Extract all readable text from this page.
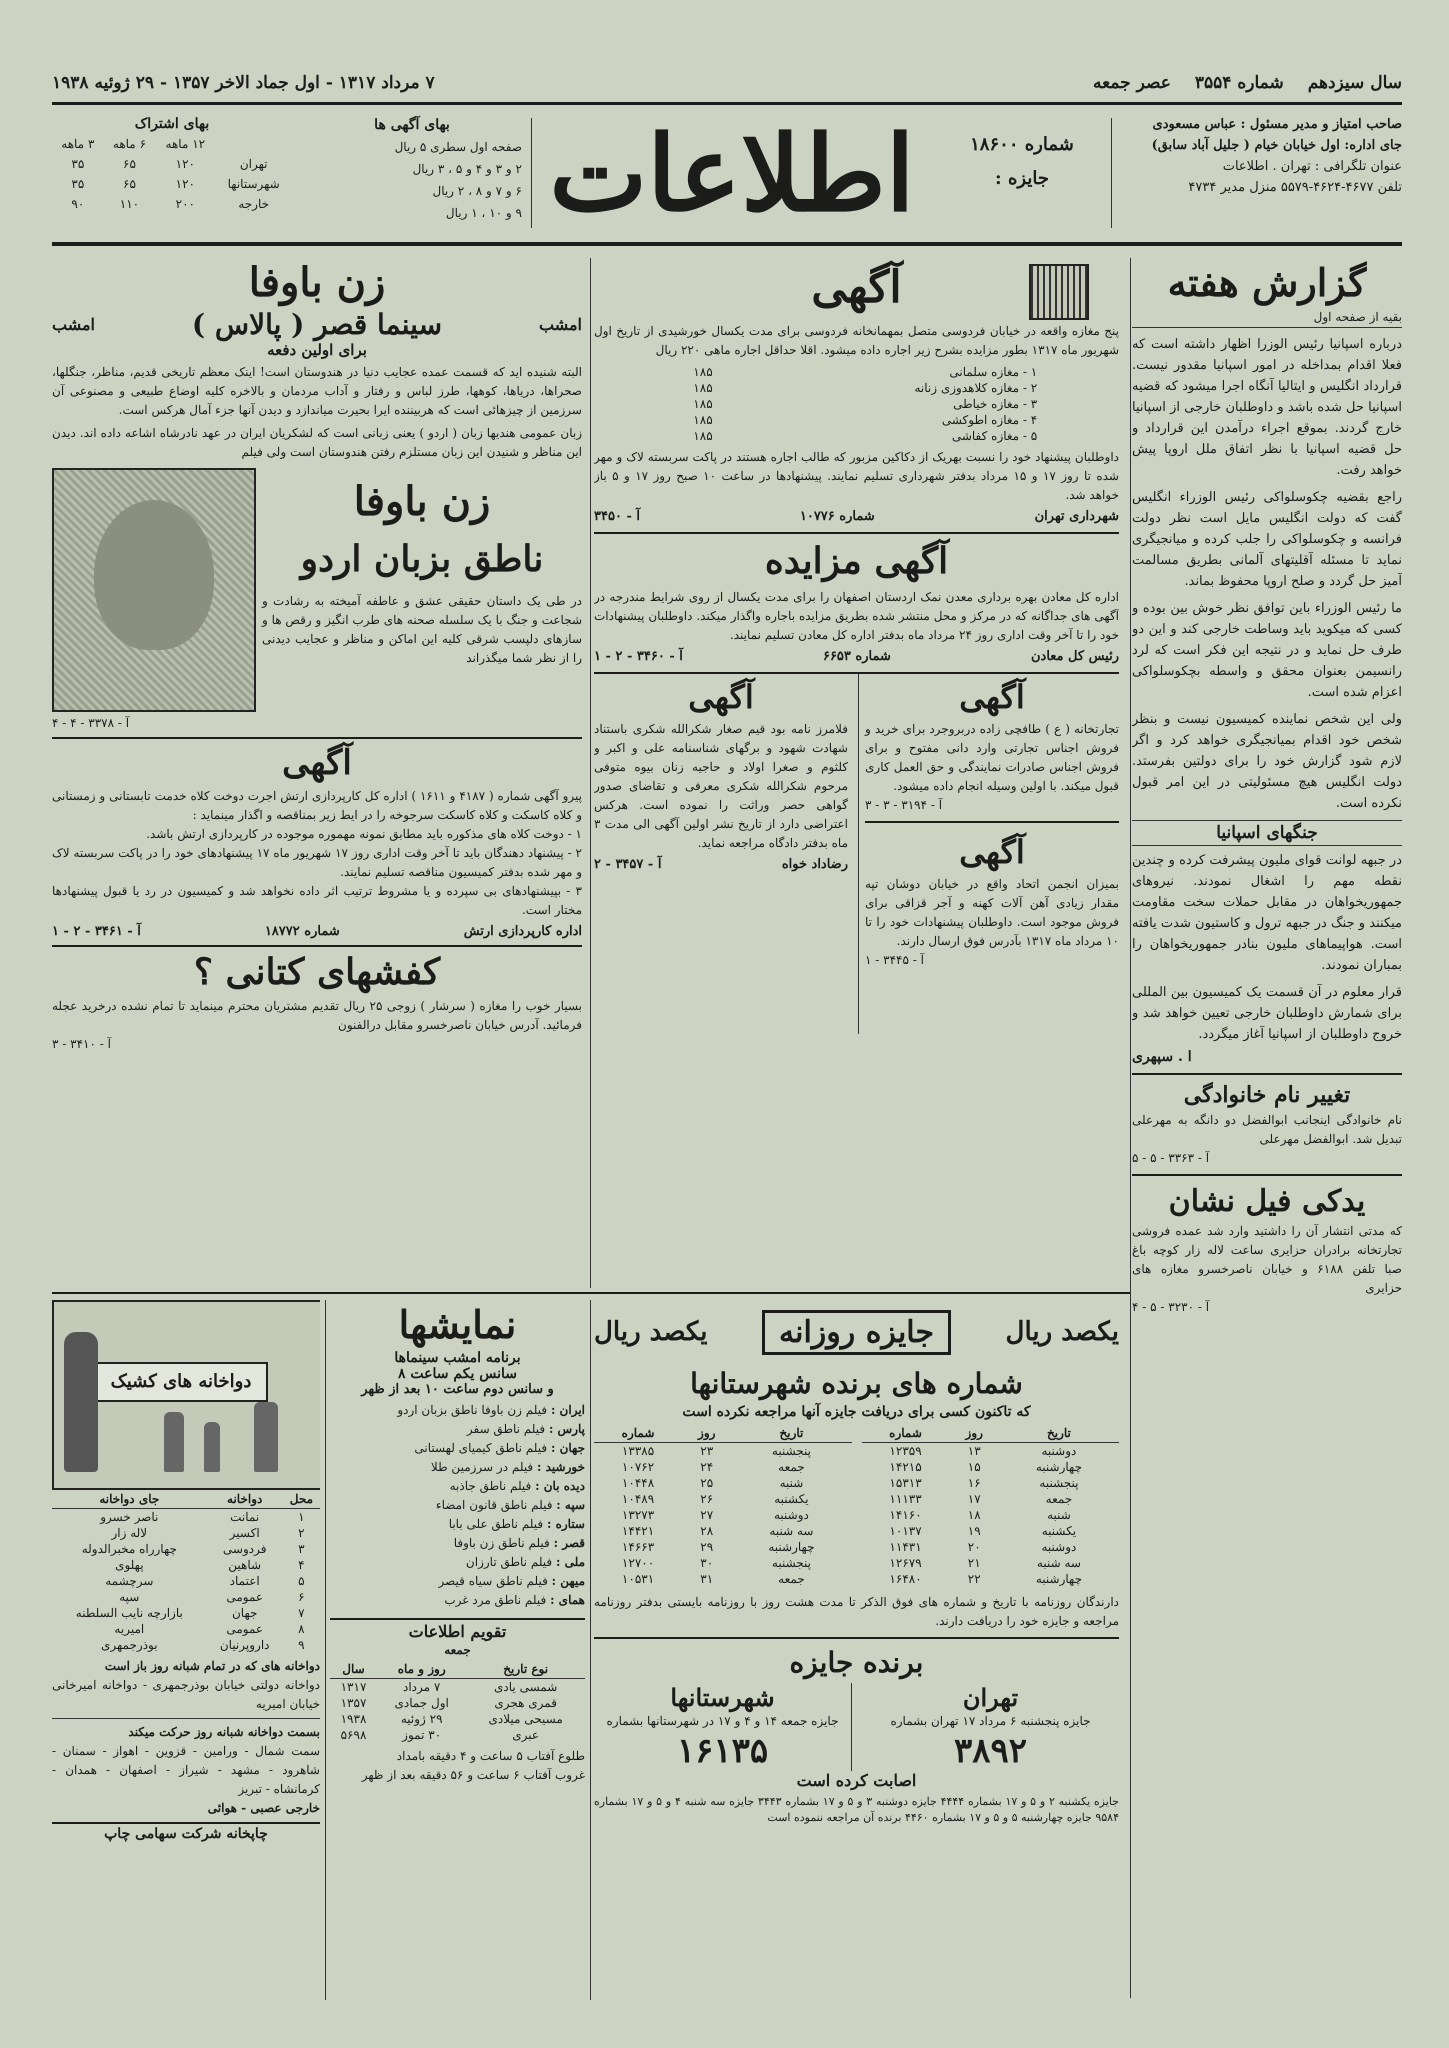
سال سیزدهم
شماره ۳۵۵۴
عصر جمعه
۷ مرداد ۱۳۱۷ - اول جماد الاخر ۱۳۵۷ - ۲۹ ژوئیه ۱۹۳۸
صاحب امتیاز و مدیر مسئول : عباس مسعودی
جای اداره: اول خیابان خیام ( جلیل آباد سابق)
عنوان تلگرافی : تهران . اطلاعات
تلفن ۴۶۷۷-۴۶۲۴-۵۵۷۹ منزل مدیر ۴۷۳۴
شماره ۱۸۶۰۰
جایزه :
اطلاعات
بهای آگهی ها
صفحه اول سطری ۵ ریال
۲ و ۳ و ۴ و ۵ ، ۳ ریال
۶ و ۷ و ۸ ، ۲ ریال
۹ و ۱۰ ، ۱ ریال
بهای اشتراک
	۱۲ ماهه	۶ ماهه	۳ ماهه
تهران	۱۲۰	۶۵	۳۵
شهرستانها	۱۲۰	۶۵	۳۵
خارجه	۲۰۰	۱۱۰	۹۰
گزارش هفته
بقیه از صفحه اول

درباره اسپانیا رئیس الوزرا اظهار داشته است که فعلا اقدام بمداخله در امور اسپانیا مقدور نیست. قرارداد انگلیس و ایتالیا آنگاه اجرا میشود که قضیه اسپانیا حل شده باشد و داوطلبان خارجی از اسپانیا خارج گردند. بموقع اجراء درآمدن این قرارداد و حل قضیه اسپانیا با نظر اتفاق ملل اروپا پیش خواهد رفت.

راجع بقضیه چکوسلواکی رئیس الوزراء انگلیس گفت که دولت انگلیس مایل است نظر دولت فرانسه و چکوسلواکی را جلب کرده و میانجیگری نماید تا مسئله آقلیتهای آلمانی بطریق مسالمت آمیز حل گردد و صلح اروپا محفوظ بماند.

ما رئیس الوزراء باین توافق نظر خوش بین بوده و کسی که میکوید باید وساطت خارجی کند و این دو طرف حل نماید و در نتیجه این فکر است که لرد رانسیمن بعنوان محقق و واسطه بچکوسلواکی اعزام شده است.

ولی این شخص نماینده کمیسیون نیست و بنظر شخص خود اقدام بمیانجیگری خواهد کرد و اگر لازم شود گزارش خود را برای دولتین بفرستد. دولت انگلیس هیچ مسئولیتی در این امر قبول نکرده است.

جنگهای اسپانیا

در جبهه لوانت قوای ملیون پیشرفت کرده و چندین نقطه مهم را اشغال نمودند. نیروهای جمهوریخواهان در مقابل حملات سخت مقاومت میکنند و جنگ در جبهه ترول و کاستیون شدت یافته است. هواپیماهای ملیون بنادر جمهوریخواهان را بمباران نمودند.

قرار معلوم در آن قسمت یک کمیسیون بین المللی برای شمارش داوطلبان خارجی تعیین خواهد شد و خروج داوطلبان از اسپانیا آغاز میگردد.

ا . سپهری
تغییر نام خانوادگی

نام خانوادگی اینجانب ابوالفضل دو دانگه به مهرعلی تبدیل شد. ابوالفضل مهرعلی

آ - ۳۳۶۳ - ۵ - ۵
یدکی فیل نشان

که مدتی انتشار آن را داشتید وارد شد عمده فروشی تجارتخانه برادران حزایری ساعت لاله زار کوچه باغ صبا تلفن ۶۱۸۸ و خیابان ناصرخسرو مغازه های حزایری

آ - ۳۲۳۰ - ۵ - ۴
آگهی

پنج مغازه واقعه در خیابان فردوسی متصل بمهمانخانه فردوسی برای مدت یکسال خورشیدی از تاریخ اول شهریور ماه ۱۳۱۷ بطور مزایده بشرح زیر اجاره داده میشود. اقلا حداقل اجاره ماهی ۲۲۰ ریال

۱ - مغازه سلمانی	۱۸۵
۲ - مغازه کلاهدوزی زنانه	۱۸۵
۳ - مغازه خیاطی	۱۸۵
۴ - مغازه اطوکشی	۱۸۵
۵ - مغازه کفاشی	۱۸۵

داوطلبان پیشنهاد خود را نسبت بهریک از دکاکین مزبور که طالب اجاره هستند در پاکت سربسته لاک و مهر شده تا روز ۱۷ و ۱۵ مرداد بدفتر شهرداری تسلیم نمایند. پیشنهادها در ساعت ۱۰ صبح روز ۱۷ و ۵ باز خواهد شد.

شهرداری تهران
شماره ۱۰۷۷۶
آ - ۳۴۵۰
آگهی مزایده

اداره کل معادن بهره برداری معدن نمک اردستان اصفهان را برای مدت یکسال از روی شرایط مندرجه در آگهی های جداگانه که در مرکز و محل منتشر شده بطریق مزایده باجاره واگذار میکند. داوطلبان پیشنهادات خود را تا آخر وقت اداری روز ۲۴ مرداد ماه بدفتر اداره کل معادن تسلیم نمایند.

رئیس کل معادن
شماره ۶۶۵۳
آ - ۳۴۶۰ - ۲ - ۱
آگهی

تجارتخانه ( ع ) طافچی زاده دربروجرد برای خرید و فروش اجناس تجارتی وارد دانی مفتوح و برای فروش اجناس صادرات نمایندگی و حق العمل کاری قبول میکند. با اولین وسیله انجام داده میشود.

آ - ۳۱۹۴ - ۳ - ۳
آگهی

بمیزان انجمن اتحاد واقع در خیابان دوشان تپه مقدار زیادی آهن آلات کهنه و آجر قزاقی برای فروش موجود است. داوطلبان پیشنهادات خود را تا ۱۰ مرداد ماه ۱۳۱۷ بآدرس فوق ارسال دارند.

آ - ۳۴۴۵ - ۱
آگهی

فلامرز نامه بود قیم صغار شکرالله شکری باستناد شهادت شهود و برگهای شناسنامه علی و اکبر و کلثوم و صغرا اولاد و حاجیه زنان بیوه متوفی مرحوم شکرالله شکری معرفی و تقاضای صدور گواهی حصر وراثت را نموده است. هرکس اعتراضی دارد از تاریخ نشر اولین آگهی الی مدت ۳ ماه بدفتر دادگاه مراجعه نماید.

رضاداد خواه
آ - ۳۴۵۷ - ۲
زن باوفا
امشب
سینما قصر ( پالاس )
امشب
برای اولین دفعه

البته شنیده اید که قسمت عمده عجایب دنیا در هندوستان است! اینک معظم تاریخی قدیم، مناظر، جنگلها، صحراها، دریاها، کوهها، طرز لباس و رفتار و آداب مردمان و بالاخره کلیه اوضاع طبیعی و مصنوعی آن سرزمین از چیزهائی است که هربیننده ایرا بحیرت میاندازد و دیدن آنها جزء آمال هرکس است.

زبان عمومی هندیها زبان ( اردو ) یعنی زبانی است که لشکریان ایران در عهد نادرشاه اشاعه داده اند. دیدن این مناظر و شنیدن این زبان مستلزم رفتن هندوستان است ولی فیلم

زن باوفا
ناطق بزبان اردو

در طی یک داستان حقیقی عشق و عاطفه آمیخته به رشادت و شجاعت و جنگ با یک سلسله صحنه های طرب انگیز و رقص ها و سازهای دلپسب شرقی کلیه این اماکن و مناظر و عجایب دیدنی را از نظر شما میگذراند

آ - ۳۳۷۸ - ۴ - ۴
آگهی

پیرو آگهی شماره ( ۴۱۸۷ و ۱۶۱۱ ) اداره کل کارپردازی ارتش اجرت دوخت کلاه خدمت تابستانی و زمستانی و کلاه کاسکت و کلاه کاسکت سرجوخه را در ایط زیر بمناقصه و اگذار مینماید :

۱ - دوخت کلاه های مذکوره باید مطابق نمونه مهموره موجوده در کارپردازی ارتش باشد.

۲ - پیشنهاد دهندگان باید تا آخر وقت اداری روز ۱۷ شهریور ماه ۱۷ پیشنهادهای خود را در پاکت سربسته لاک و مهر شده بدفتر کمیسیون مناقصه تسلیم نمایند.

۳ - بپیشنهادهای بی سپرده و یا مشروط ترتیب اثر داده نخواهد شد و کمیسیون در رد یا قبول پیشنهادها مختار است.

اداره کارپردازی ارتش
شماره ۱۸۷۷۲
آ - ۳۴۶۱ - ۲ - ۱
کفشهای کتانی ؟

بسیار خوب را مغازه ( سرشار ) زوجی ۲۵ ریال تقدیم مشتریان محترم مینماید تا تمام نشده درخرید عجله فرمائید. آدرس خیابان ناصرخسرو مقابل درالفنون

آ - ۳۴۱۰ - ۳
یکصد ریال
جایزه روزانه
یکصد ریال
شماره های برنده شهرستانها
که تاکنون کسی برای دریافت جایزه آنها مراجعه نکرده است
تاریخ	روز	شماره
دوشنبه	۱۳	۱۲۳۵۹
چهارشنبه	۱۵	۱۴۲۱۵
پنجشنبه	۱۶	۱۵۳۱۳
جمعه	۱۷	۱۱۱۳۳
شنبه	۱۸	۱۴۱۶۰
یکشنبه	۱۹	۱۰۱۳۷
دوشنبه	۲۰	۱۱۴۳۱
سه شنبه	۲۱	۱۲۶۷۹
چهارشنبه	۲۲	۱۶۴۸۰
تاریخ	روز	شماره
پنجشنبه	۲۳	۱۳۳۸۵
جمعه	۲۴	۱۰۷۶۲
شنبه	۲۵	۱۰۴۴۸
یکشنبه	۲۶	۱۰۴۸۹
دوشنبه	۲۷	۱۳۲۷۳
سه شنبه	۲۸	۱۴۴۲۱
چهارشنبه	۲۹	۱۴۶۶۳
پنجشنبه	۳۰	۱۲۷۰۰
جمعه	۳۱	۱۰۵۳۱

دارندگان روزنامه با تاریخ و شماره های فوق الذکر تا مدت هشت روز با روزنامه بایستی بدفتر روزنامه مراجعه و جایزه خود را دریافت دارند.

برنده جایزه
تهران
جایزه پنجشنبه ۶ مرداد ۱۷ تهران بشماره
۳۸۹۲
شهرستانها
جایزه جمعه ۱۴ و ۴ و ۱۷ در شهرستانها بشماره
۱۶۱۳۵
اصابت کرده است

جایزه یکشنبه ۲ و ۵ و ۱۷ بشماره ۴۴۴۴ جایزه دوشنبه ۳ و ۵ و ۱۷ بشماره ۳۴۴۳ جایزه سه شنبه ۴ و ۵ و ۱۷ بشماره ۹۵۸۴ جایزه چهارشنبه ۵ و ۵ و ۱۷ بشماره ۴۴۶۰ برنده آن مراجعه ننموده است

نمایشها
برنامه امشب سینماها
سانس یکم ساعت ۸
و سانس دوم ساعت ۱۰ بعد از ظهر
ایران : فیلم زن باوفا ناطق بزبان اردو
پارس : فیلم ناطق سفر
جهان : فیلم ناطق کیمیای لهستانی
خورشید : فیلم در سرزمین طلا
دیده بان : فیلم ناطق جاذبه
سپه : فیلم ناطق قانون امضاء
ستاره : فیلم ناطق علی بابا
قصر : فیلم ناطق زن باوفا
ملی : فیلم ناطق تارزان
میهن : فیلم ناطق سیاه قیصر
همای : فیلم ناطق مرد غرب
تقویم اطلاعات
جمعه
نوع تاریخ	روز و ماه	سال
شمسی یادی	۷ مرداد	۱۳۱۷
قمری هجری	اول جمادی	۱۳۵۷
مسیحی میلادی	۲۹ ژوئیه	۱۹۳۸
عبری	۳۰ تموز	۵۶۹۸
طلوع آفتاب ۵ ساعت و ۴ دقیقه بامداد
غروب آفتاب ۶ ساعت و ۵۶ دقیقه بعد از ظهر
دواخانه های کشیک
محل	دواخانه	جای دواخانه
۱	نمانت	ناصر خسرو
۲	اکسیر	لاله زار
۳	فردوسی	چهارراه مخبرالدوله
۴	شاهین	پهلوی
۵	اعتماد	سرچشمه
۶	عمومی	سپه
۷	جهان	بازارچه نایب السلطنه
۸	عمومی	امیریه
۹	داروپرنیان	بوذرجمهری
دواخانه های که در تمام شبانه روز باز است
دواخانه دولتی خیابان بوذرجمهری - دواخانه امیرخانی خیابان امیریه
بسمت دواخانه شبانه روز حرکت میکند
سمت شمال - ورامین - قزوین - اهواز - سمنان - شاهرود - مشهد - شیراز - اصفهان - همدان - کرمانشاه - تبریز
خارجی عصبی - هوائی
چاپخانه شرکت سهامی چاپ
